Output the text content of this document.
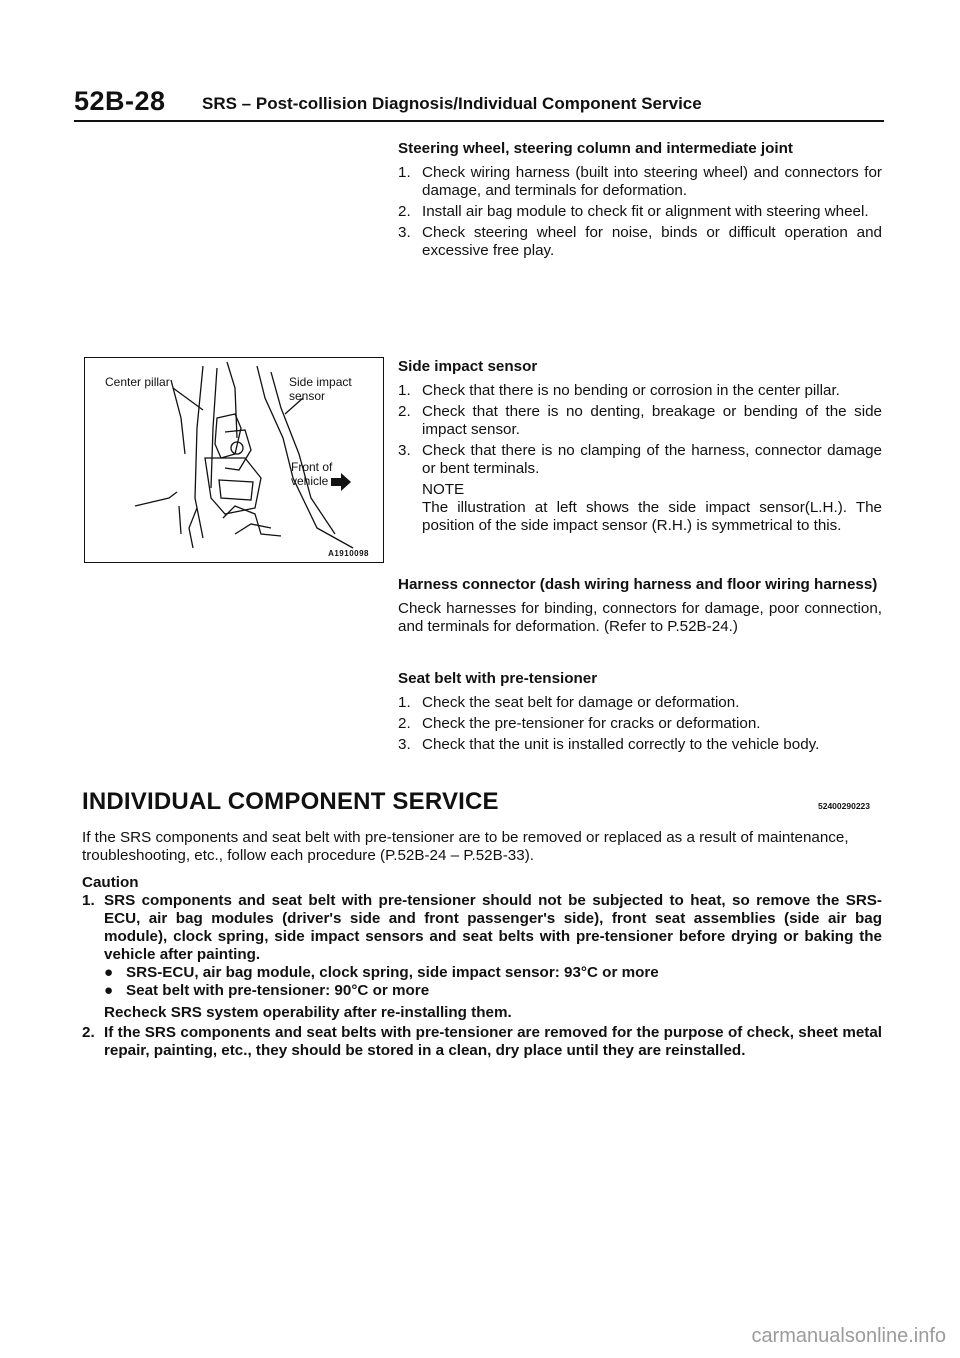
52B-28 SRS – Post-collision Diagnosis/Individual Component Service
Steering wheel, steering column and intermediate joint
1. Check wiring harness (built into steering wheel) and connectors for damage, and terminals for deformation.
2. Install air bag module to check fit or alignment with steering wheel.
3. Check steering wheel for noise, binds or difficult operation and excessive free play.
Center pillar	Side impact
sensor
Front of
vehicle
A1910098
Side impact sensor
1. Check that there is no bending or corrosion in the center pillar.
2. Check that there is no denting, breakage or bending of the side impact sensor.
3. Check that there is no clamping of the harness, connector damage or bent terminals.
NOTE
The illustration at left shows the side impact sensor(L.H.). The position of the side impact sensor (R.H.) is symmetrical to this.
Harness connector (dash wiring harness and floor wiring harness)

Check harnesses for binding, connectors for damage, poor connection, and terminals for deformation. (Refer to P.52B-24.)

Seat belt with pre-tensioner
1. Check the seat belt for damage or deformation.
2. Check the pre-tensioner for cracks or deformation.
3. Check that the unit is installed correctly to the vehicle body.
INDIVIDUAL COMPONENT SERVICE	52400290223
If the SRS components and seat belt with pre-tensioner are to be removed or replaced as a result of maintenance, troubleshooting, etc., follow each procedure (P.52B-24 – P.52B-33).
Caution
1. SRS components and seat belt with pre-tensioner should not be subjected to heat, so remove the SRS-ECU, air bag modules (driver's side and front passenger's side), front seat assemblies (side air bag module), clock spring, side impact sensors and seat belts with pre-tensioner before drying or baking the vehicle after painting.
● SRS-ECU, air bag module, clock spring, side impact sensor: 93°C or more
● Seat belt with pre-tensioner: 90°C or more
Recheck SRS system operability after re-installing them.
2. If the SRS components and seat belts with pre-tensioner are removed for the purpose of check, sheet metal repair, painting, etc., they should be stored in a clean, dry place until they are reinstalled.
carmanualsonline.info
